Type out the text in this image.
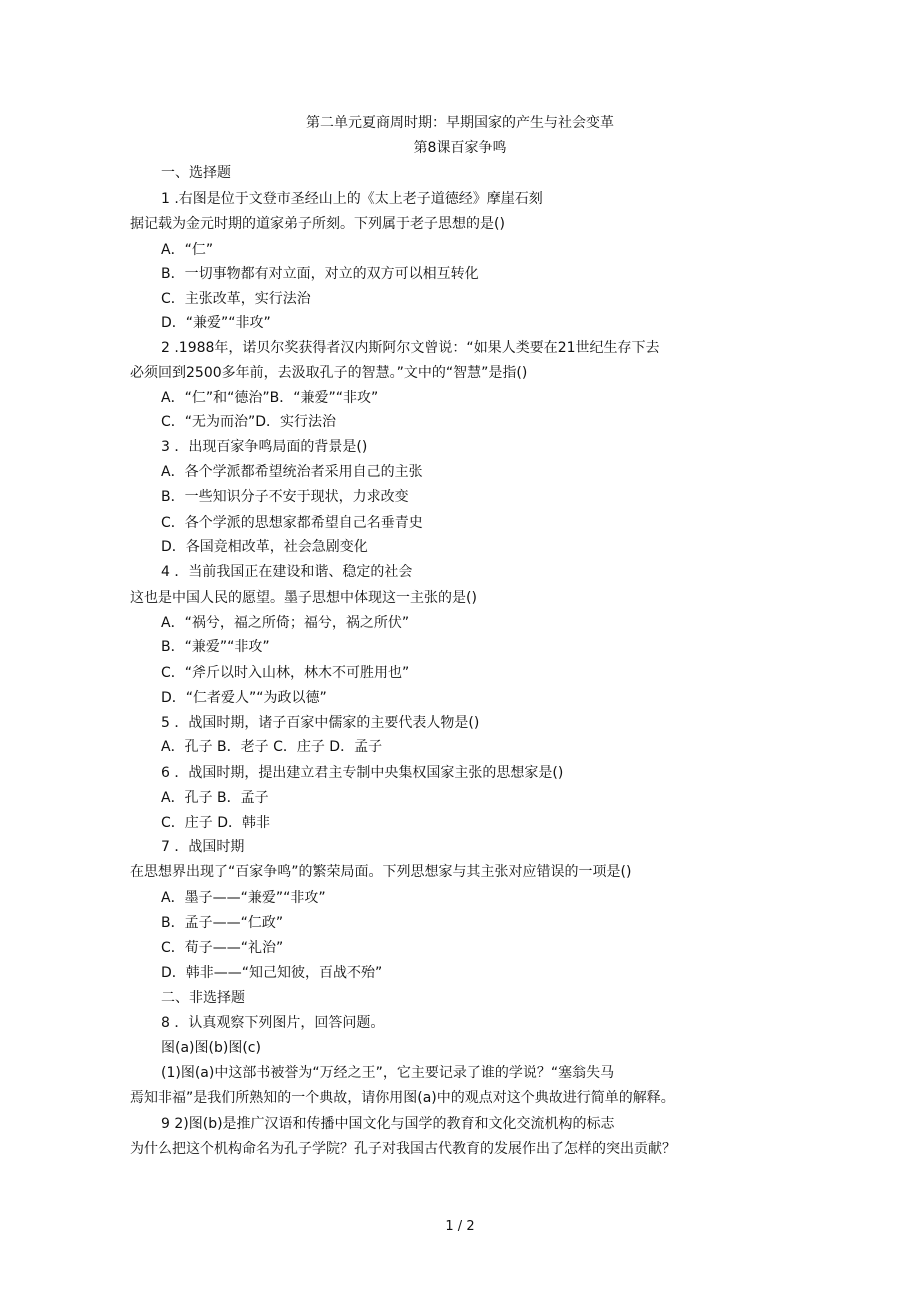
第二单元夏商周时期：早期国家的产生与社会变革
第8课百家争鸣
一、选择题
1 .右图是位于文登市圣经山上的《太上老子道德经》摩崖石刻
据记载为金元时期的道家弟子所刻。下列属于老子思想的是()
A．“仁”
B．一切事物都有对立面，对立的双方可以相互转化
C．主张改革，实行法治
D．“兼爱”“非攻”
2 .1988年，诺贝尔奖获得者汉内斯阿尔文曾说：“如果人类要在21世纪生存下去
必须回到2500多年前，去汲取孔子的智慧。”文中的“智慧”是指()
A．“仁”和“德治”B．“兼爱”“非攻”
C．“无为而治”D．实行法治
3 ．出现百家争鸣局面的背景是()
A．各个学派都希望统治者采用自己的主张
B．一些知识分子不安于现状，力求改变
C．各个学派的思想家都希望自己名垂青史
D．各国竞相改革，社会急剧变化
4 ．当前我国正在建设和谐、稳定的社会
这也是中国人民的愿望。墨子思想中体现这一主张的是()
A．“祸兮，福之所倚；福兮，祸之所伏”
B．“兼爱”“非攻”
C．“斧斤以时入山林，林木不可胜用也”
D．“仁者爱人”“为政以德”
5 ．战国时期，诸子百家中儒家的主要代表人物是()
A．孔子 B．老子 C．庄子 D．孟子
6 ．战国时期，提出建立君主专制中央集权国家主张的思想家是()
A．孔子 B．孟子
C．庄子 D．韩非
7 ．战国时期
在思想界出现了“百家争鸣”的繁荣局面。下列思想家与其主张对应错误的一项是()
A．墨子——“兼爱”“非攻”
B．孟子——“仁政”
C．荀子——“礼治”
D．韩非——“知己知彼，百战不殆”
二、非选择题
8 ．认真观察下列图片，回答问题。
图(a)图(b)图(c)
(1)图(a)中这部书被誉为“万经之王”，它主要记录了谁的学说？“塞翁失马
焉知非福”是我们所熟知的一个典故，请你用图(a)中的观点对这个典故进行简单的解释。
9 2)图(b)是推广汉语和传播中国文化与国学的教育和文化交流机构的标志
为什么把这个机构命名为孔子学院？孔子对我国古代教育的发展作出了怎样的突出贡献？
1 / 2
